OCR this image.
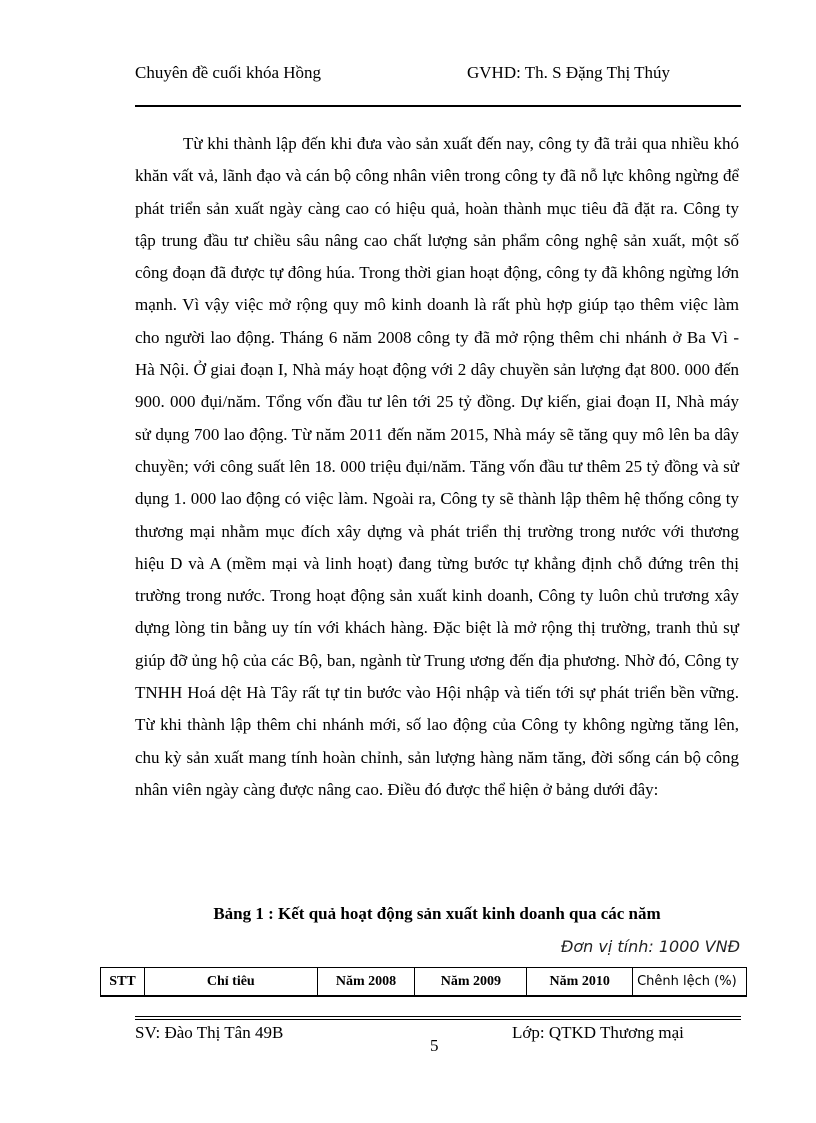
Chuyên đề cuối khóa Hồng	GVHD: Th. S Đặng Thị Thúy

Từ khi thành lập đến khi đưa vào sản xuất đến nay, công ty đã trải qua nhiều khó khăn vất vả, lãnh đạo và cán bộ công nhân viên trong công ty đã nỗ lực không ngừng để phát triển sản xuất ngày càng cao có hiệu quả, hoàn thành mục tiêu đã đặt ra. Công ty tập trung đầu tư chiều sâu nâng cao chất lượng sản phẩm công nghệ sản xuất, một số công đoạn đã được tự đông húa. Trong thời gian hoạt động, công ty đã không ngừng lớn mạnh. Vì vậy việc mở rộng quy mô kinh doanh là rất phù hợp giúp tạo thêm việc làm cho người lao động. Tháng 6 năm 2008 công ty đã mở rộng thêm chi nhánh ở Ba Vì - Hà Nội. Ở giai đoạn I, Nhà máy hoạt động với 2 dây chuyền sản lượng đạt 800. 000 đến 900. 000 đụi/năm. Tổng vốn đầu tư lên tới 25 tỷ đồng. Dự kiến, giai đoạn II, Nhà máy sử dụng 700 lao động. Từ năm 2011 đến năm 2015, Nhà máy sẽ tăng quy mô lên ba dây chuyền; với công suất lên 18. 000 triệu đụi/năm. Tăng vốn đầu tư thêm 25 tỷ đồng và sử dụng 1. 000 lao động có việc làm. Ngoài ra, Công ty sẽ thành lập thêm hệ thống công ty thương mại nhằm mục đích xây dựng và phát triển thị trường trong nước với thương hiệu D và A (mềm mại và linh hoạt) đang từng bước tự khẳng định chỗ đứng trên thị trường trong nước. Trong hoạt động sản xuất kinh doanh, Công ty luôn chủ trương xây dựng lòng tin bằng uy tín với khách hàng. Đặc biệt là mở rộng thị trường, tranh thủ sự giúp đỡ ủng hộ của các Bộ, ban, ngành từ Trung ương đến địa phương. Nhờ đó, Công ty TNHH Hoá dệt Hà Tây rất tự tin bước vào Hội nhập và tiến tới sự phát triển bền vững. Từ khi thành lập thêm chi nhánh mới, số lao động của Công ty không ngừng tăng lên, chu kỳ sản xuất mang tính hoàn chỉnh, sản lượng hàng năm tăng, đời sống cán bộ công nhân viên ngày càng được nâng cao. Điều đó được thể hiện ở bảng dưới đây:

Bảng 1 : Kết quả hoạt động sản xuất kinh doanh qua các năm
Đơn vị tính: 1000 VNĐ
STT	Chỉ tiêu	Năm 2008	Năm 2009	Năm 2010	Chênh lệch (%)
SV: Đào Thị Tân 49B
5
Lớp: QTKD Thương mại
